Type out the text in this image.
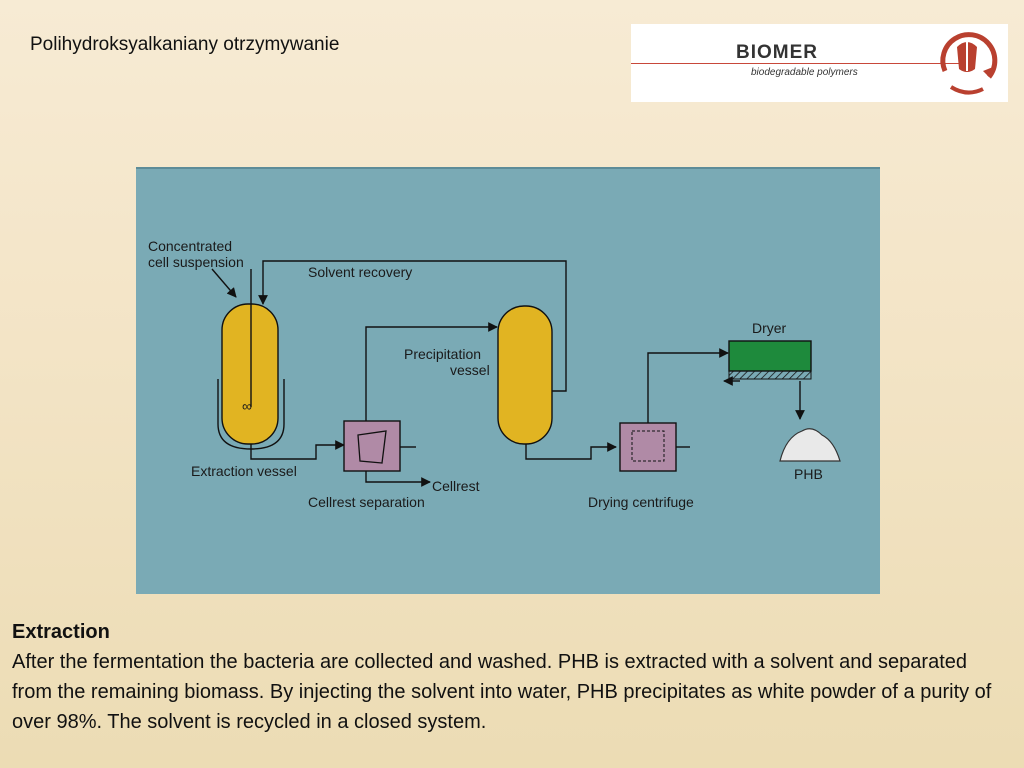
Polihydroksyalkaniany otrzymywanie	BIOMER
biodegradable polymers
∞
Concentrated
cell suspension
Solvent recovery
Precipitation
vessel
Dryer
Extraction vessel
Cellrest
Cellrest separation	Drying centrifuge
PHB
Extraction
After the fermentation the bacteria are collected and washed. PHB is extracted with a solvent and separated from the remaining biomass. By injecting the solvent into water, PHB precipitates as white powder of a purity of over 98%. The solvent is recycled in a closed system.
